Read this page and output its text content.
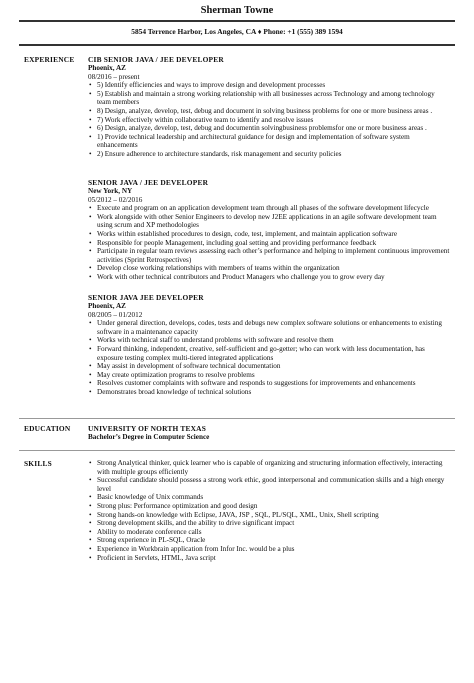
Sherman Towne
5854 Terrence Harbor, Los Angeles, CA ♦ Phone: +1 (555) 389 1594
EXPERIENCE CIB SENIOR JAVA / JEE DEVELOPER
Phoenix, AZ
08/2016 – present
• 5) Identify efficiencies and ways to improve design and development processes
• 5) Establish and maintain a strong working relationship with all businesses across Technology and among technology team members
• 8) Design, analyze, develop, test, debug and document in solving business problems for one or more business areas .
• 7) Work effectively within collaborative team to identify and resolve issues
• 6) Design, analyze, develop, test, debug and documentin solvingbusiness problemsfor one or more business areas .
• 1) Provide technical leadership and architectural guidance for design and implementation of software system enhancements
• 2) Ensure adherence to architecture standards, risk management and security policies
SENIOR JAVA / JEE DEVELOPER
New York, NY
05/2012 – 02/2016
• Execute and program on an application development team through all phases of the software development lifecycle
• Work alongside with other Senior Engineers to develop new J2EE applications in an agile software development team using scrum and XP methodologies
• Works within established procedures to design, code, test, implement, and maintain application software
• Responsible for people Management, including goal setting and providing performance feedback
• Participate in regular team reviews assessing each other’s performance and helping to implement continuous improvement activities (Sprint Retrospectives)
• Develop close working relationships with members of teams within the organization
• Work with other technical contributors and Product Managers who challenge you to grow every day
SENIOR JAVA JEE DEVELOPER
Phoenix, AZ
08/2005 – 01/2012
• Under general direction, develops, codes, tests and debugs new complex software solutions or enhancements to existing software in a maintenance capacity
• Works with technical staff to understand problems with software and resolve them
• Forward thinking, independent, creative, self-sufficient and go-getter; who can work with less documentation, has exposure testing complex multi-tiered integrated applications
• May assist in development of software technical documentation
• May create optimization programs to resolve problems
• Resolves customer complaints with software and responds to suggestions for improvements and enhancements
• Demonstrates broad knowledge of technical solutions
EDUCATION UNIVERSITY OF NORTH TEXAS
Bachelor’s Degree in Computer Science
SKILLS
•	Strong Analytical thinker, quick learner who is capable of organizing and structuring information effectively, interacting with multiple groups efficiently
• Successful candidate should possess a strong work ethic, good interpersonal and communication skills and a high energy level
• Basic knowledge of Unix commands
• Strong plus: Performance optimization and good design
• Strong hands-on knowledge with Eclipse, JAVA, JSP , SQL, PL/SQL, XML, Unix, Shell scripting
• Strong development skills, and the ability to drive significant impact
• Ability to moderate conference calls
• Strong experience in PL-SQL, Oracle
• Experience in Workbrain application from Infor Inc. would be a plus
• Proficient in Servlets, HTML, Java script
